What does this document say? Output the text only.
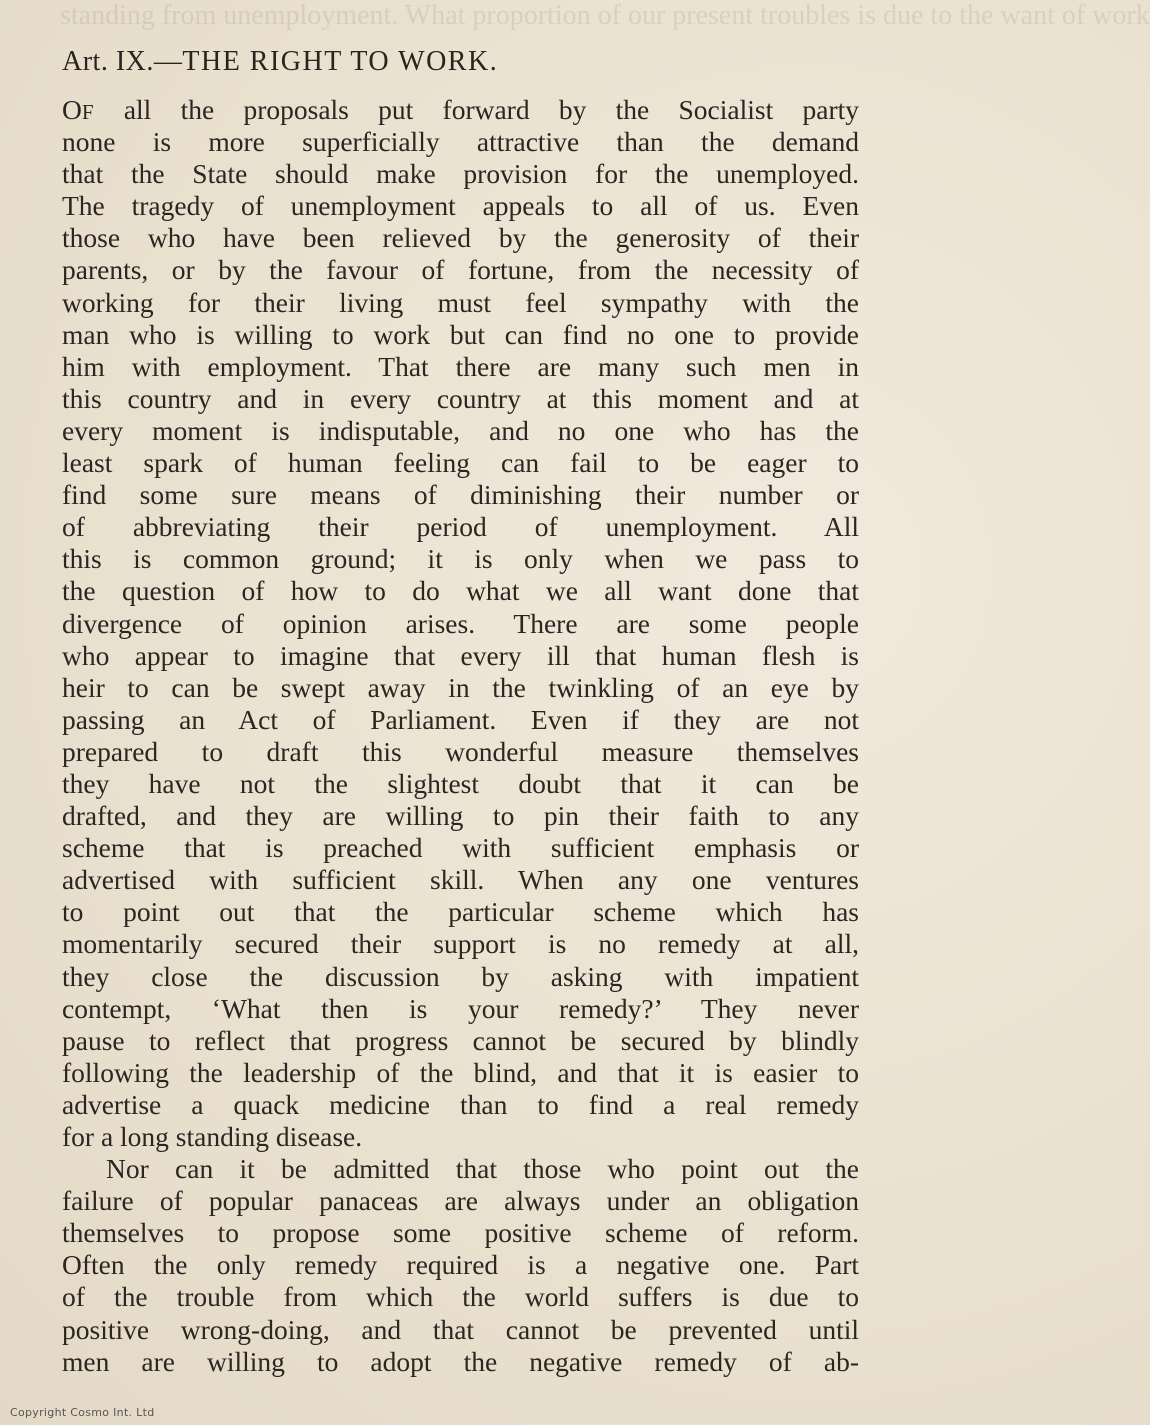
standing from unemployment. What proportion of our present troubles is due to the want of work
Art. IX.—THE RIGHT TO WORK.
OF all the proposals put forward by the Socialist party
none is more superficially attractive than the demand
that the State should make provision for the unemployed.
The tragedy of unemployment appeals to all of us. Even
those who have been relieved by the generosity of their
parents, or by the favour of fortune, from the necessity of
working for their living must feel sympathy with the
man who is willing to work but can find no one to provide
him with employment. That there are many such men in
this country and in every country at this moment and at
every moment is indisputable, and no one who has the
least spark of human feeling can fail to be eager to
find some sure means of diminishing their number or
of abbreviating their period of unemployment. All
this is common ground; it is only when we pass to
the question of how to do what we all want done that
divergence of opinion arises. There are some people
who appear to imagine that every ill that human flesh is
heir to can be swept away in the twinkling of an eye by
passing an Act of Parliament. Even if they are not
prepared to draft this wonderful measure themselves
they have not the slightest doubt that it can be
drafted, and they are willing to pin their faith to any
scheme that is preached with sufficient emphasis or
advertised with sufficient skill. When any one ventures
to point out that the particular scheme which has
momentarily secured their support is no remedy at all,
they close the discussion by asking with impatient
contempt, ‘What then is your remedy?’ They never
pause to reflect that progress cannot be secured by blindly
following the leadership of the blind, and that it is easier to
advertise a quack medicine than to find a real remedy
for a long standing disease.
Nor can it be admitted that those who point out the
failure of popular panaceas are always under an obligation
themselves to propose some positive scheme of reform.
Often the only remedy required is a negative one. Part
of the trouble from which the world suffers is due to
positive wrong-doing, and that cannot be prevented until
men are willing to adopt the negative remedy of ab-
Copyright Cosmo Int. Ltd
